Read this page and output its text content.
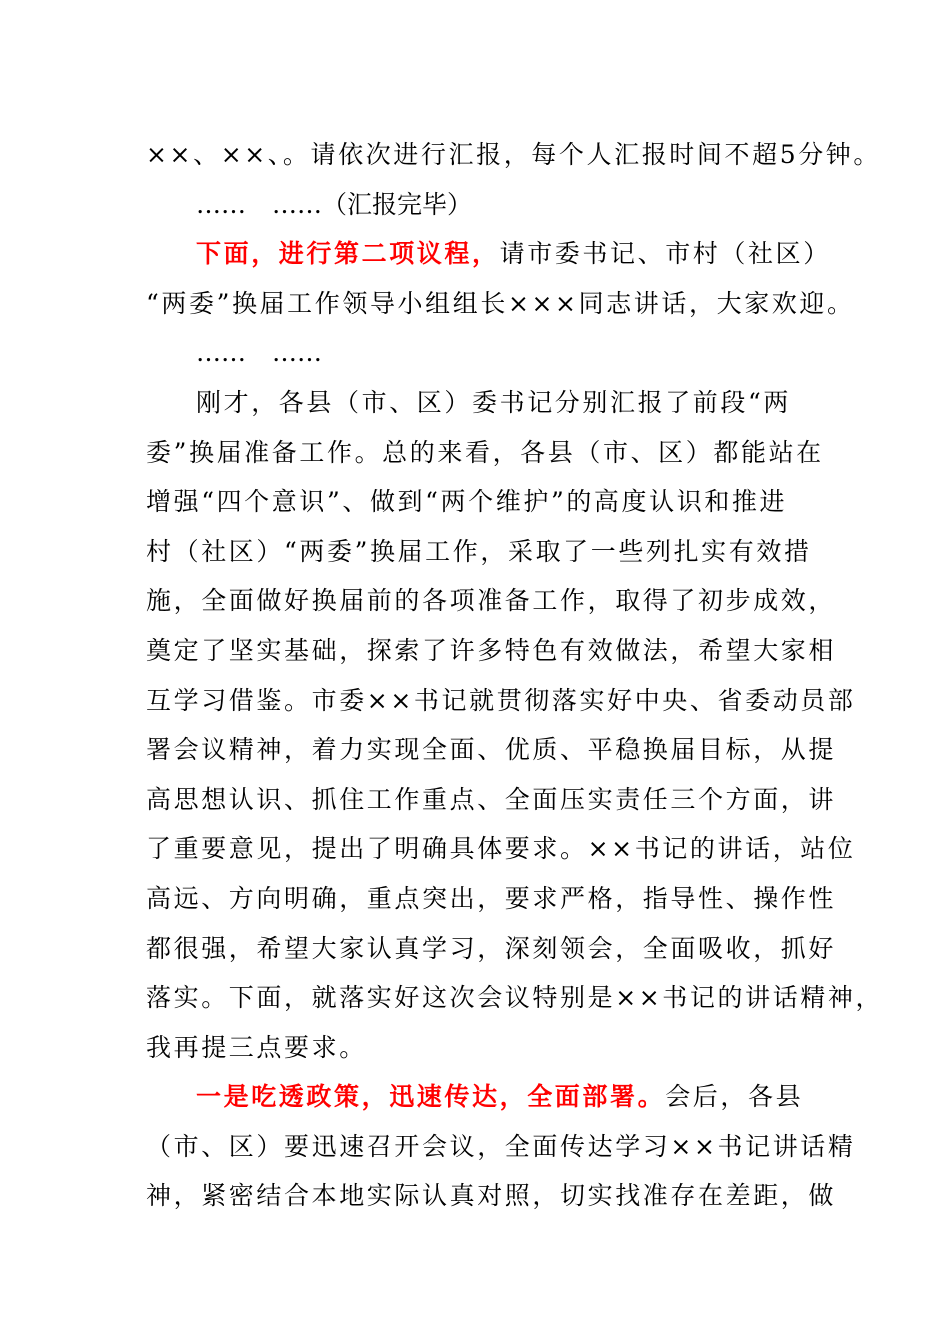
××、××、。请依次进行汇报，每个人汇报时间不超5分钟。
…… ……（汇报完毕）
下面，进行第二项议程，请市委书记、市村（社区）
“两委”换届工作领导小组组长×××同志讲话，大家欢迎。
…… ……
刚才，各县（市、区）委书记分别汇报了前段“两
委”换届准备工作。总的来看，各县（市、区）都能站在
增强“四个意识”、做到“两个维护”的高度认识和推进
村（社区）“两委”换届工作，采取了一些列扎实有效措
施，全面做好换届前的各项准备工作，取得了初步成效，
奠定了坚实基础，探索了许多特色有效做法，希望大家相
互学习借鉴。市委××书记就贯彻落实好中央、省委动员部
署会议精神，着力实现全面、优质、平稳换届目标，从提
高思想认识、抓住工作重点、全面压实责任三个方面，讲
了重要意见，提出了明确具体要求。××书记的讲话，站位
高远、方向明确，重点突出，要求严格，指导性、操作性
都很强，希望大家认真学习，深刻领会，全面吸收，抓好
落实。下面，就落实好这次会议特别是××书记的讲话精神，
我再提三点要求。
一是吃透政策，迅速传达，全面部署。会后，各县
（市、区）要迅速召开会议，全面传达学习××书记讲话精
神，紧密结合本地实际认真对照，切实找准存在差距，做
